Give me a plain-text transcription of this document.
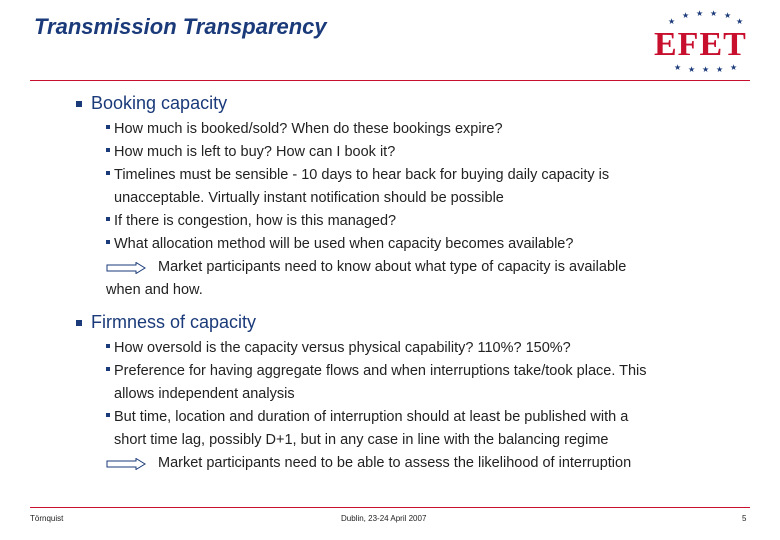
Transmission Transparency	★ ★ ★ ★
★
★
EFET
★ ★ ★ ★ ★
Booking capacity
How much is booked/sold? When do these bookings expire?
How much is left to buy? How can I book it?
Timelines must be sensible - 10 days to hear back for buying daily capacity is
unacceptable. Virtually instant notification should be possible
If there is congestion, how is this managed?
What allocation method will be used when capacity becomes available?
Market participants need to know about what type of capacity is available
when and how.
Firmness of capacity
How oversold is the capacity versus physical capability? 110%? 150%?
Preference for having aggregate flows and when interruptions take/took place. This
allows independent analysis
But time, location and duration of interruption should at least be published with a
short time lag, possibly D+1, but in any case in line with the balancing regime
Market participants need to be able to assess the likelihood of interruption
Törnquist	Dublin, 23-24 April 2007	5
